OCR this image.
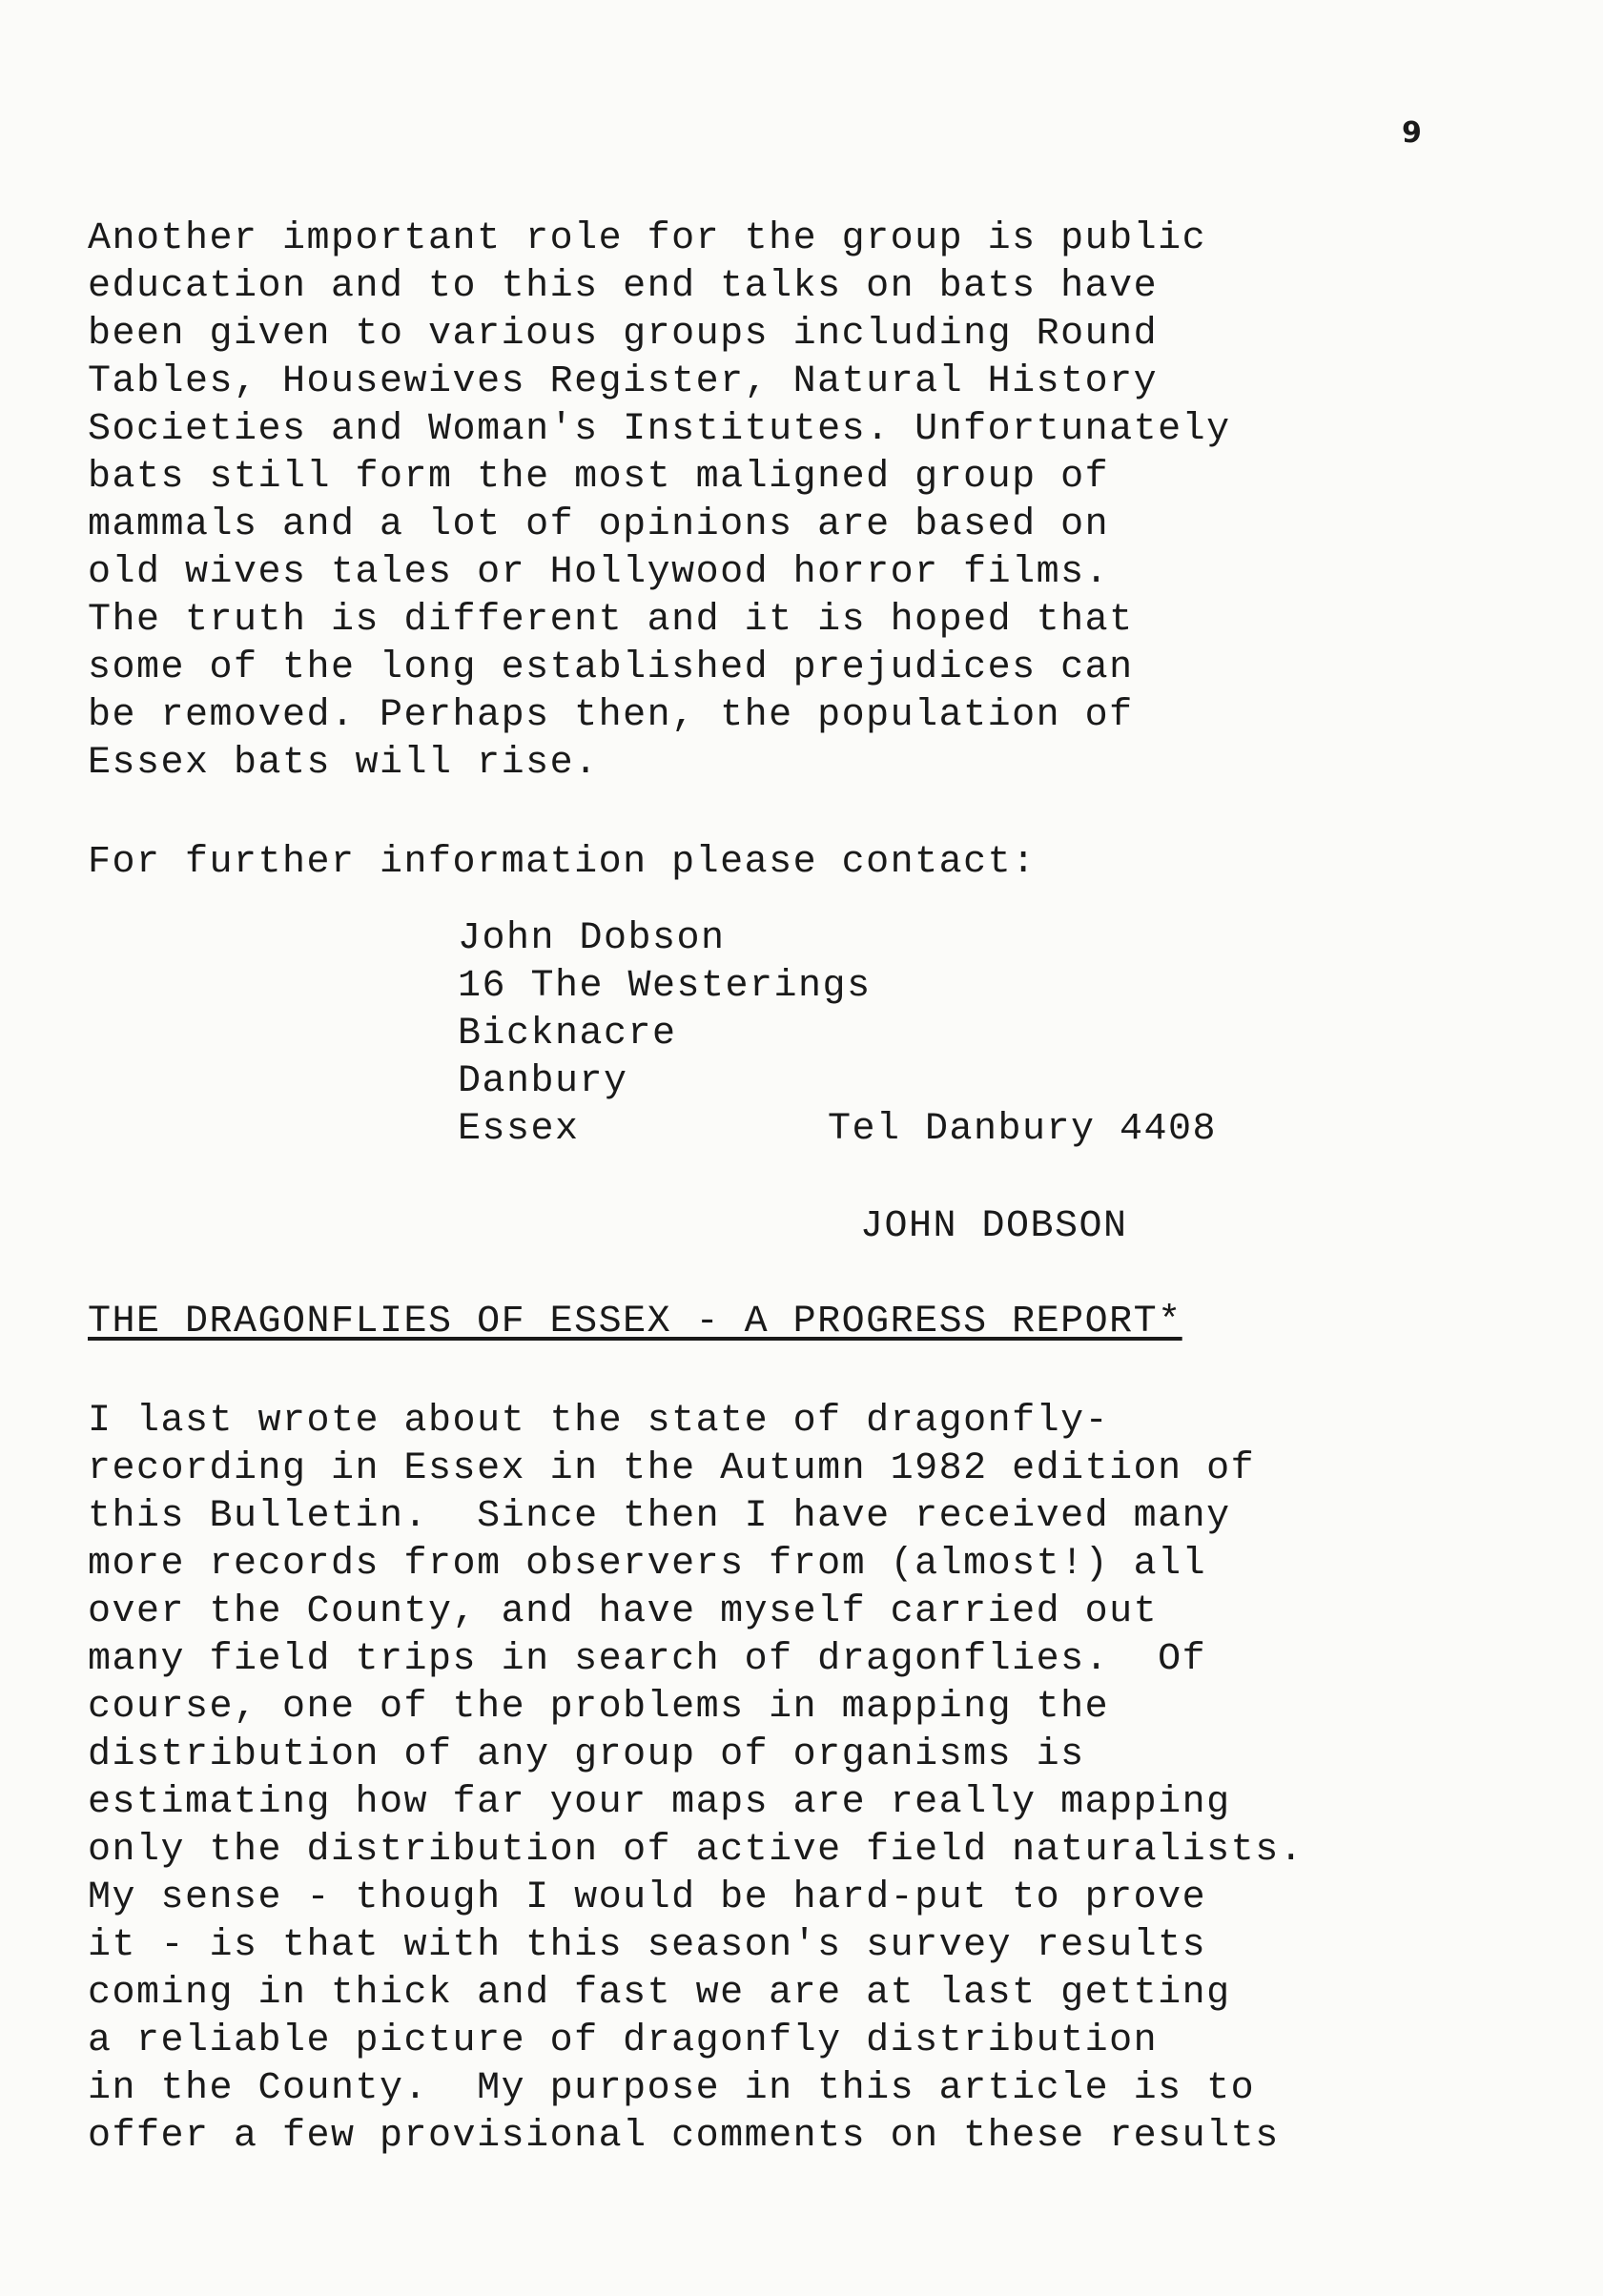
9
Another important role for the group is public
education and to this end talks on bats have
been given to various groups including Round
Tables, Housewives Register, Natural History
Societies and Woman's Institutes. Unfortunately
bats still form the most maligned group of
mammals and a lot of opinions are based on
old wives tales or Hollywood horror films.
The truth is different and it is hoped that
some of the long established prejudices can
be removed. Perhaps then, the population of
Essex bats will rise.
For further information please contact:
John Dobson
16 The Westerings
Bicknacre
Danbury
Essex	Tel Danbury 4408
JOHN DOBSON
THE DRAGONFLIES OF ESSEX - A PROGRESS REPORT*
I last wrote about the state of dragonfly-
recording in Essex in the Autumn 1982 edition of
this Bulletin.  Since then I have received many
more records from observers from (almost!) all
over the County, and have myself carried out
many field trips in search of dragonflies.  Of
course, one of the problems in mapping the
distribution of any group of organisms is
estimating how far your maps are really mapping
only the distribution of active field naturalists.
My sense - though I would be hard-put to prove
it - is that with this season's survey results
coming in thick and fast we are at last getting
a reliable picture of dragonfly distribution
in the County.  My purpose in this article is to
offer a few provisional comments on these results
